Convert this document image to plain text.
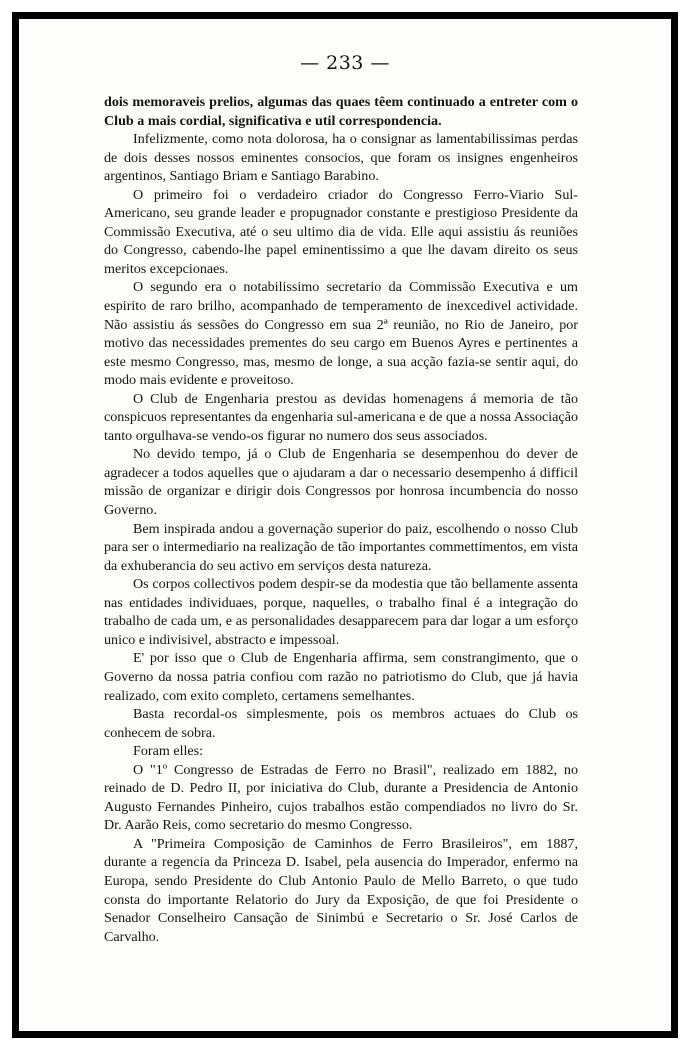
— 233 —

dois memoraveis prelios, algumas das quaes têem continuado a entreter com o Club a mais cordial, significativa e util correspondencia.

Infelizmente, como nota dolorosa, ha o consignar as lamentabilissimas perdas de dois desses nossos eminentes consocios, que foram os insignes engenheiros argentinos, Santiago Briam e Santiago Barabino.

O primeiro foi o verdadeiro criador do Congresso Ferro-Viario Sul-Americano, seu grande leader e propugnador constante e prestigioso Presidente da Commissão Executiva, até o seu ultimo dia de vida. Elle aqui assistiu ás reuniões do Congresso, cabendo-lhe papel eminentissimo a que lhe davam direito os seus meritos excepcionaes.

O segundo era o notabilissimo secretario da Commissão Executiva e um espirito de raro brilho, acompanhado de temperamento de inexcedivel actividade. Não assistiu ás sessões do Congresso em sua 2ª reunião, no Rio de Janeiro, por motivo das necessidades prementes do seu cargo em Buenos Ayres e pertinentes a este mesmo Congresso, mas, mesmo de longe, a sua acção fazia-se sentir aqui, do modo mais evidente e proveitoso.

O Club de Engenharia prestou as devidas homenagens á memoria de tão conspicuos representantes da engenharia sul-americana e de que a nossa Associação tanto orgulhava-se vendo-os figurar no numero dos seus associados.

No devido tempo, já o Club de Engenharia se desempenhou do dever de agradecer a todos aquelles que o ajudaram a dar o necessario desempenho á difficil missão de organizar e dirigir dois Congressos por honrosa incumbencia do nosso Governo.

Bem inspirada andou a governação superior do paiz, escolhendo o nosso Club para ser o intermediario na realização de tão importantes commettimentos, em vista da exhuberancia do seu activo em serviços desta natureza.

Os corpos collectivos podem despir-se da modestia que tão bellamente assenta nas entidades individuaes, porque, naquelles, o trabalho final é a integração do trabalho de cada um, e as personalidades desapparecem para dar logar a um esforço unico e indivisivel, abstracto e impessoal.

E' por isso que o Club de Engenharia affirma, sem constrangimento, que o Governo da nossa patria confiou com razão no patriotismo do Club, que já havia realizado, com exito completo, certamens semelhantes.

Basta recordal-os simplesmente, pois os membros actuaes do Club os conhecem de sobra.

Foram elles:

O "1º Congresso de Estradas de Ferro no Brasil", realizado em 1882, no reinado de D. Pedro II, por iniciativa do Club, durante a Presidencia de Antonio Augusto Fernandes Pinheiro, cujos trabalhos estão compendiados no livro do Sr. Dr. Aarão Reis, como secretario do mesmo Congresso.

A "Primeira Composição de Caminhos de Ferro Brasileiros", em 1887, durante a regencia da Princeza D. Isabel, pela ausencia do Imperador, enfermo na Europa, sendo Presidente do Club Antonio Paulo de Mello Barreto, o que tudo consta do importante Relatorio do Jury da Exposição, de que foi Presidente o Senador Conselheiro Cansação de Sinimbú e Secretario o Sr. José Carlos de Carvalho.
